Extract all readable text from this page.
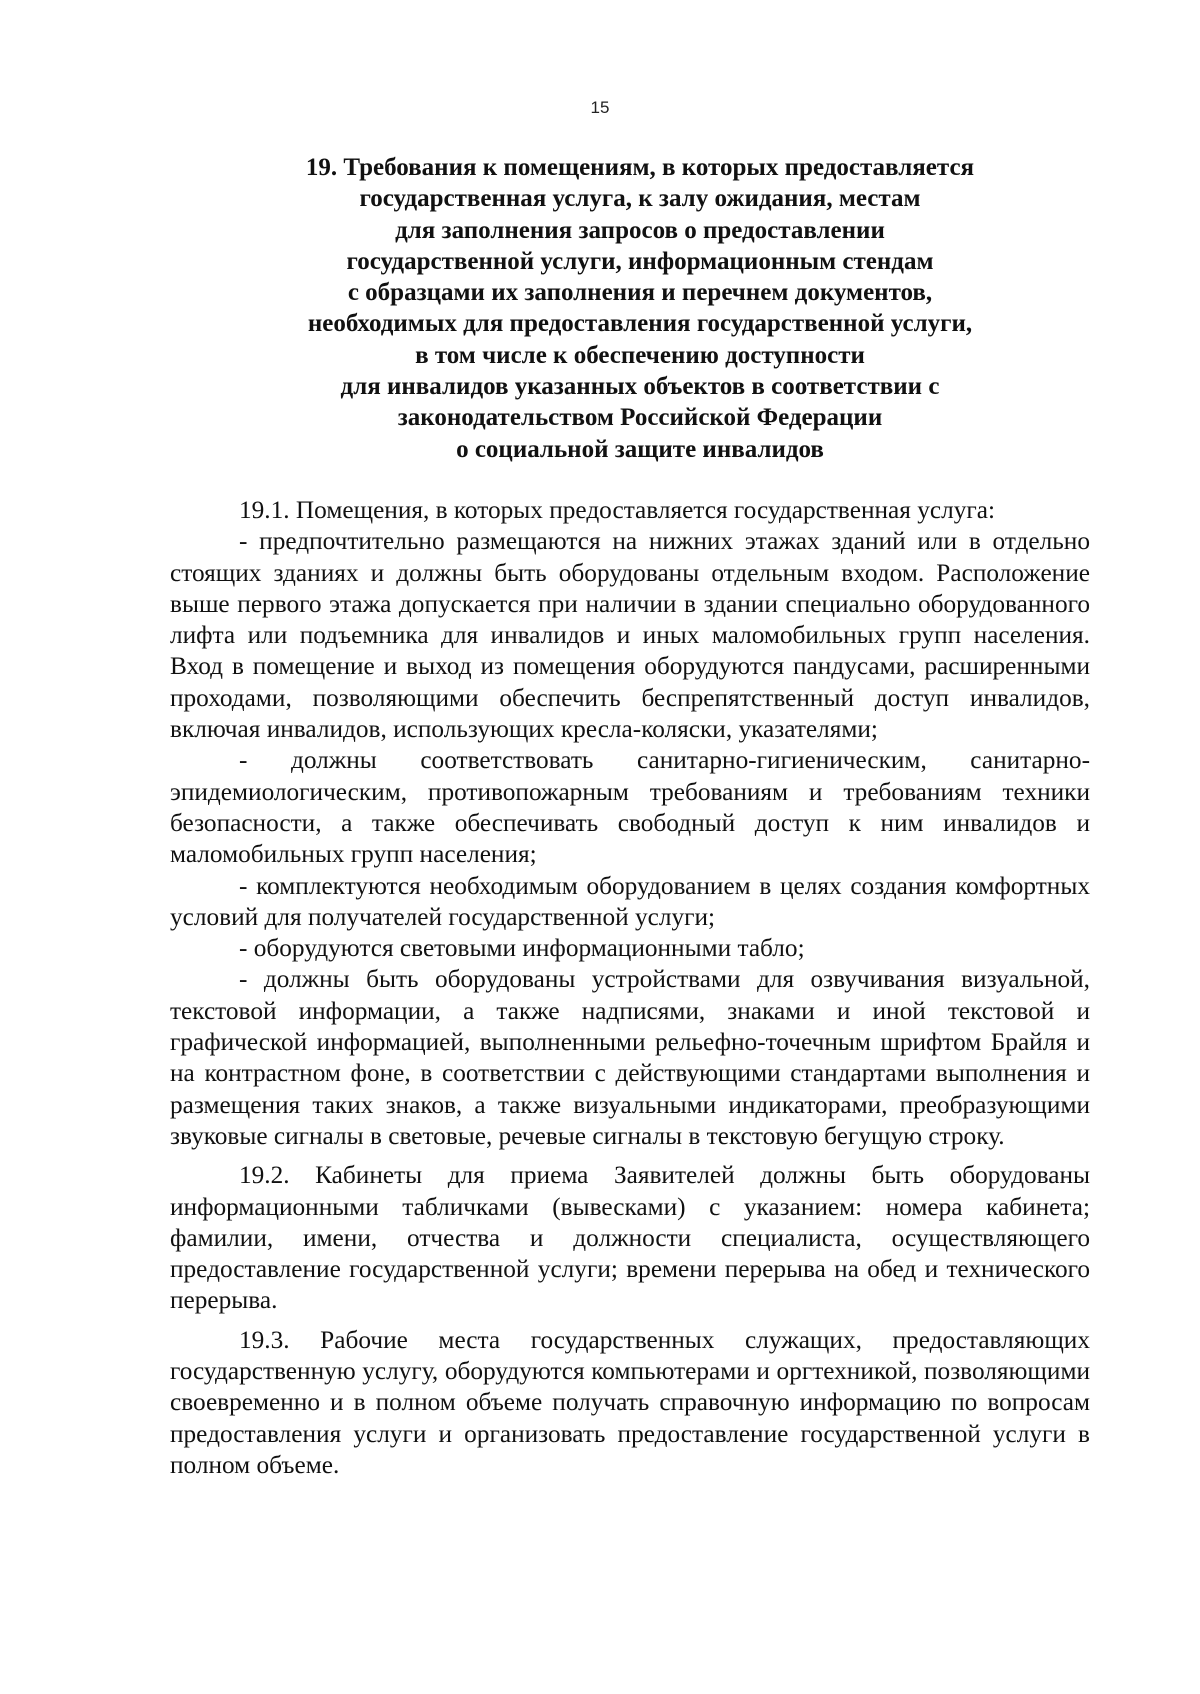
15
19. Требования к помещениям, в которых предоставляется
государственная услуга, к залу ожидания, местам
для заполнения запросов о предоставлении
государственной услуги, информационным стендам
с образцами их заполнения и перечнем документов,
необходимых для предоставления государственной услуги,
в том числе к обеспечению доступности
для инвалидов указанных объектов в соответствии с
законодательством Российской Федерации
о социальной защите инвалидов

19.1. Помещения, в которых предоставляется государственная услуга:

- предпочтительно размещаются на нижних этажах зданий или в отдельно стоящих зданиях и должны быть оборудованы отдельным входом. Расположение выше первого этажа допускается при наличии в здании специально оборудованного лифта или подъемника для инвалидов и иных маломобильных групп населения. Вход в помещение и выход из помещения оборудуются пандусами, расширенными проходами, позволяющими обеспечить беспрепятственный доступ инвалидов, включая инвалидов, использующих кресла-коляски, указателями;

- должны соответствовать санитарно-гигиеническим, санитарно-эпидемиологическим, противопожарным требованиям и требованиям техники безопасности, а также обеспечивать свободный доступ к ним инвалидов и маломобильных групп населения;

- комплектуются необходимым оборудованием в целях создания комфортных условий для получателей государственной услуги;

- оборудуются световыми информационными табло;

- должны быть оборудованы устройствами для озвучивания визуальной, текстовой информации, а также надписями, знаками и иной текстовой и графической информацией, выполненными рельефно-точечным шрифтом Брайля и на контрастном фоне, в соответствии с действующими стандартами выполнения и размещения таких знаков, а также визуальными индикаторами, преобразующими звуковые сигналы в световые, речевые сигналы в текстовую бегущую строку.

19.2. Кабинеты для приема Заявителей должны быть оборудованы информационными табличками (вывесками) с указанием: номера кабинета; фамилии, имени, отчества и должности специалиста, осуществляющего предоставление государственной услуги; времени перерыва на обед и технического перерыва.

19.3. Рабочие места государственных служащих, предоставляющих государственную услугу, оборудуются компьютерами и оргтехникой, позволяющими своевременно и в полном объеме получать справочную информацию по вопросам предоставления услуги и организовать предоставление государственной услуги в полном объеме.
